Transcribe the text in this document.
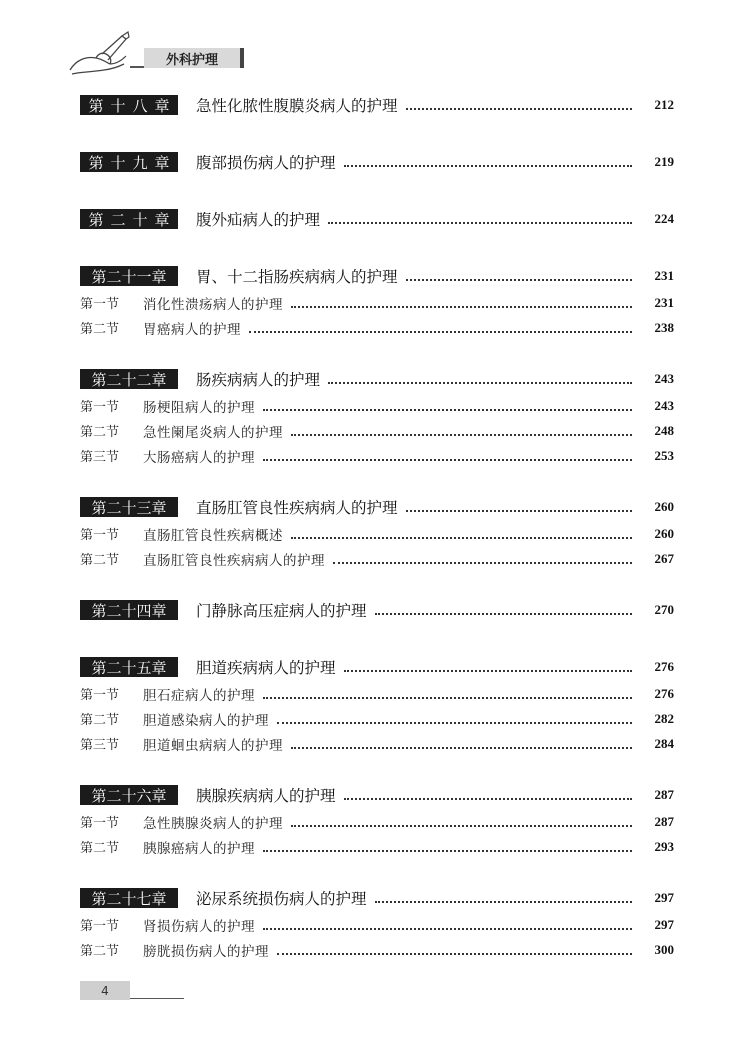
外科护理
第十八章 急性化脓性腹膜炎病人的护理	212
第十九章 腹部损伤病人的护理	219
第二十章 腹外疝病人的护理	224
第二十一章	胃、十二指肠疾病病人的护理	231
第一节	消化性溃疡病人的护理	231
第二节	胃癌病人的护理	238
第二十二章	肠疾病病人的护理	243
第一节	肠梗阻病人的护理	243
第二节	急性阑尾炎病人的护理	248
第三节	大肠癌病人的护理	253
第二十三章	直肠肛管良性疾病病人的护理	260
第一节	直肠肛管良性疾病概述	260
第二节	直肠肛管良性疾病病人的护理	267
第二十四章	门静脉高压症病人的护理	270
第二十五章	胆道疾病病人的护理	276
第一节	胆石症病人的护理	276
第二节	胆道感染病人的护理	282
第三节	胆道蛔虫病病人的护理	284
第二十六章	胰腺疾病病人的护理	287
第一节	急性胰腺炎病人的护理	287
第二节	胰腺癌病人的护理	293
第二十七章	泌尿系统损伤病人的护理	297
第一节	肾损伤病人的护理	297
第二节	膀胱损伤病人的护理	300
4
